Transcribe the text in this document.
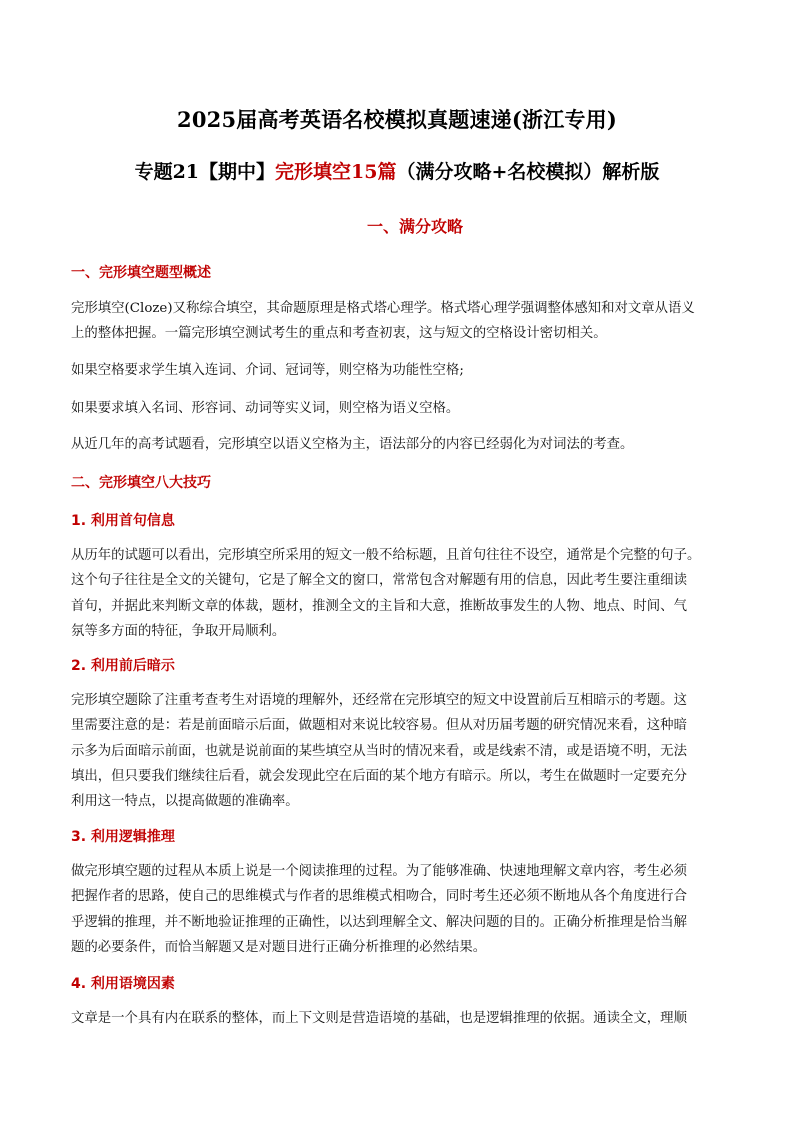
2025届高考英语名校模拟真题速递(浙江专用)
专题21【期中】完形填空15篇（满分攻略+名校模拟）解析版
一、满分攻略
一、完形填空题型概述

完形填空(Cloze)又称综合填空，其命题原理是格式塔心理学。格式塔心理学强调整体感知和对文章从语义
上的整体把握。一篇完形填空测试考生的重点和考查初衷，这与短文的空格设计密切相关。

如果空格要求学生填入连词、介词、冠词等，则空格为功能性空格;

如果要求填入名词、形容词、动词等实义词，则空格为语义空格。

从近几年的高考试题看，完形填空以语义空格为主，语法部分的内容已经弱化为对词法的考查。

二、完形填空八大技巧
1. 利用首句信息

从历年的试题可以看出，完形填空所采用的短文一般不给标题，且首句往往不设空，通常是个完整的句子。
这个句子往往是全文的关键句，它是了解全文的窗口，常常包含对解题有用的信息，因此考生要注重细读
首句，并据此来判断文章的体裁，题材，推测全文的主旨和大意，推断故事发生的人物、地点、时间、气
氛等多方面的特征，争取开局顺利。

2. 利用前后暗示

完形填空题除了注重考查考生对语境的理解外，还经常在完形填空的短文中设置前后互相暗示的考题。这
里需要注意的是：若是前面暗示后面，做题相对来说比较容易。但从对历届考题的研究情况来看，这种暗
示多为后面暗示前面，也就是说前面的某些填空从当时的情况来看，或是线索不清，或是语境不明，无法
填出，但只要我们继续往后看，就会发现此空在后面的某个地方有暗示。所以，考生在做题时一定要充分
利用这一特点，以提高做题的准确率。

3. 利用逻辑推理

做完形填空题的过程从本质上说是一个阅读推理的过程。为了能够准确、快速地理解文章内容，考生必须
把握作者的思路，使自己的思维模式与作者的思维模式相吻合，同时考生还必须不断地从各个角度进行合
乎逻辑的推理，并不断地验证推理的正确性，以达到理解全文、解决问题的目的。正确分析推理是恰当解
题的必要条件，而恰当解题又是对题目进行正确分析推理的必然结果。

4. 利用语境因素

文章是一个具有内在联系的整体，而上下文则是营造语境的基础，也是逻辑推理的依据。通读全文，理顺
